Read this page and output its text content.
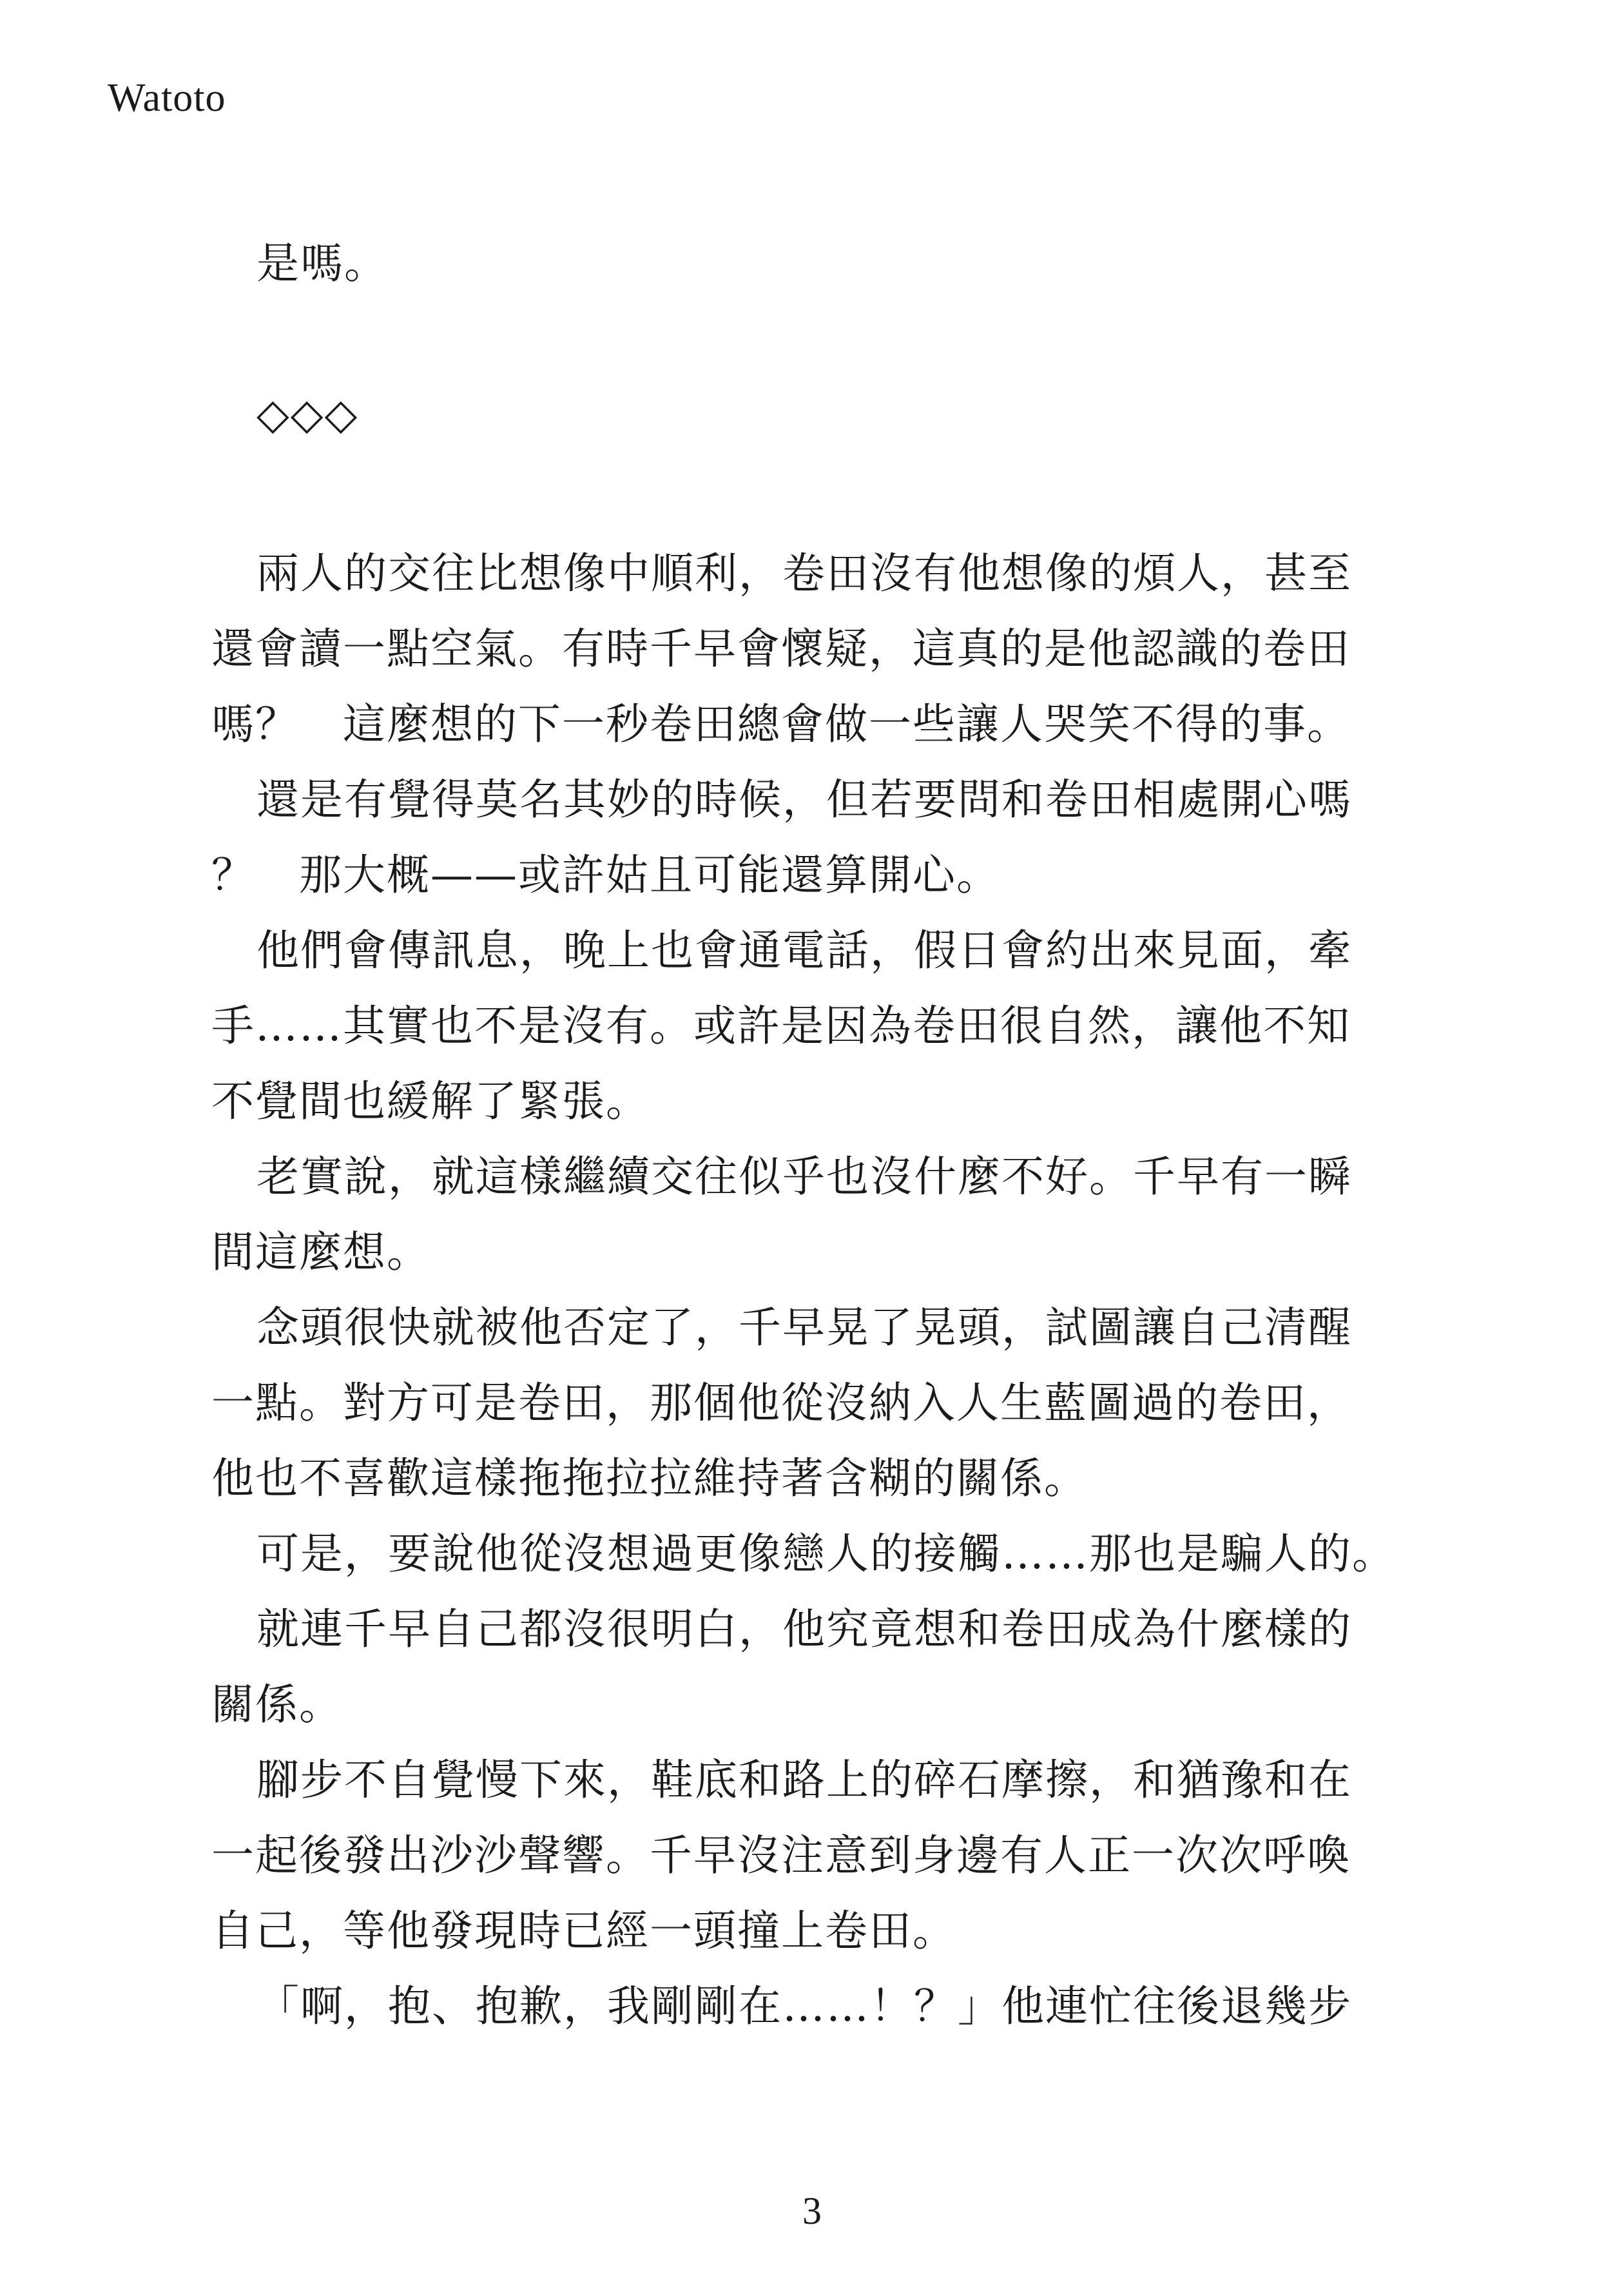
Watoto

是嗎。

◇◇◇

兩人的交往比想像中順利，卷田沒有他想像的煩人，甚至

還會讀一點空氣。有時千早會懷疑，這真的是他認識的卷田

嗎？　這麼想的下一秒卷田總會做一些讓人哭笑不得的事。

還是有覺得莫名其妙的時候，但若要問和卷田相處開心嗎

？　那大概——或許姑且可能還算開心。

他們會傳訊息，晚上也會通電話，假日會約出來見面，牽

手……其實也不是沒有。或許是因為卷田很自然，讓他不知

不覺間也緩解了緊張。

老實說，就這樣繼續交往似乎也沒什麼不好。千早有一瞬

間這麼想。

念頭很快就被他否定了，千早晃了晃頭，試圖讓自己清醒

一點。對方可是卷田，那個他從沒納入人生藍圖過的卷田，

他也不喜歡這樣拖拖拉拉維持著含糊的關係。

可是，要說他從沒想過更像戀人的接觸……那也是騙人的。

就連千早自己都沒很明白，他究竟想和卷田成為什麼樣的

關係。

腳步不自覺慢下來，鞋底和路上的碎石摩擦，和猶豫和在

一起後發出沙沙聲響。千早沒注意到身邊有人正一次次呼喚

自己，等他發現時已經一頭撞上卷田。

「啊，抱、抱歉，我剛剛在……！？」他連忙往後退幾步

3
